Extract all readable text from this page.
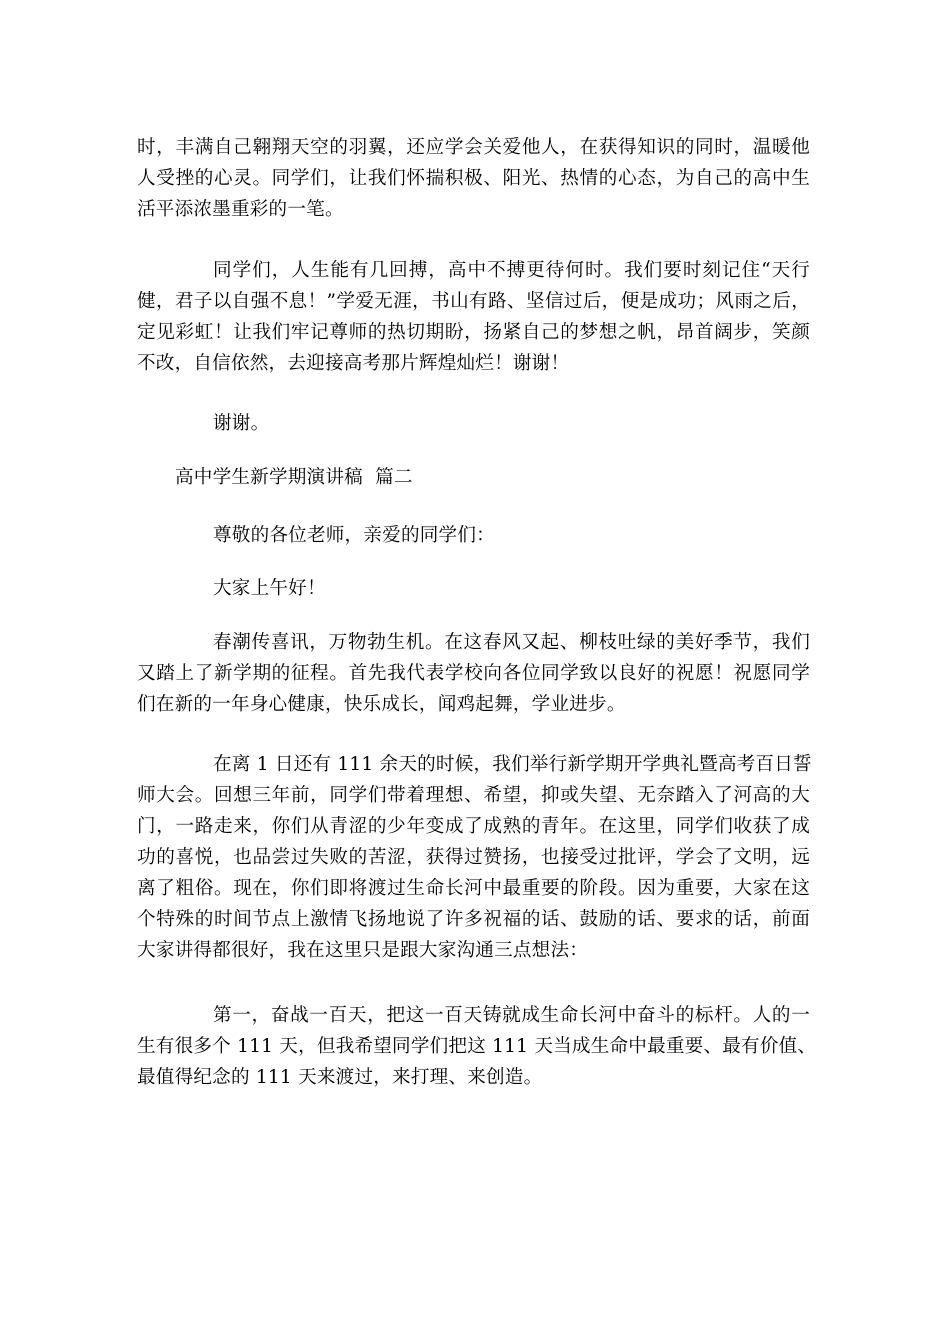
时，丰满自己翱翔天空的羽翼，还应学会关爱他人，在获得知识的同时，温暖他
人受挫的心灵。同学们，让我们怀揣积极、阳光、热情的心态，为自己的高中生
活平添浓墨重彩的一笔。
同学们，人生能有几回搏，高中不搏更待何时。我们要时刻记住“天行
健，君子以自强不息！”学爱无涯，书山有路、坚信过后，便是成功；风雨之后，
定见彩虹！让我们牢记尊师的热切期盼，扬紧自己的梦想之帆，昂首阔步，笑颜
不改，自信依然，去迎接高考那片辉煌灿烂！谢谢！
谢谢。
高中学生新学期演讲稿  篇二
尊敬的各位老师，亲爱的同学们：
大家上午好！
春潮传喜讯，万物勃生机。在这春风又起、柳枝吐绿的美好季节，我们
又踏上了新学期的征程。首先我代表学校向各位同学致以良好的祝愿！祝愿同学
们在新的一年身心健康，快乐成长，闻鸡起舞，学业进步。
在离 1 日还有 111 余天的时候，我们举行新学期开学典礼暨高考百日誓
师大会。回想三年前，同学们带着理想、希望，抑或失望、无奈踏入了河高的大
门，一路走来，你们从青涩的少年变成了成熟的青年。在这里，同学们收获了成
功的喜悦，也品尝过失败的苦涩，获得过赞扬，也接受过批评，学会了文明，远
离了粗俗。现在，你们即将渡过生命长河中最重要的阶段。因为重要，大家在这
个特殊的时间节点上激情飞扬地说了许多祝福的话、鼓励的话、要求的话，前面
大家讲得都很好，我在这里只是跟大家沟通三点想法：
第一，奋战一百天，把这一百天铸就成生命长河中奋斗的标杆。人的一
生有很多个 111 天，但我希望同学们把这 111 天当成生命中最重要、最有价值、
最值得纪念的 111 天来渡过，来打理、来创造。
